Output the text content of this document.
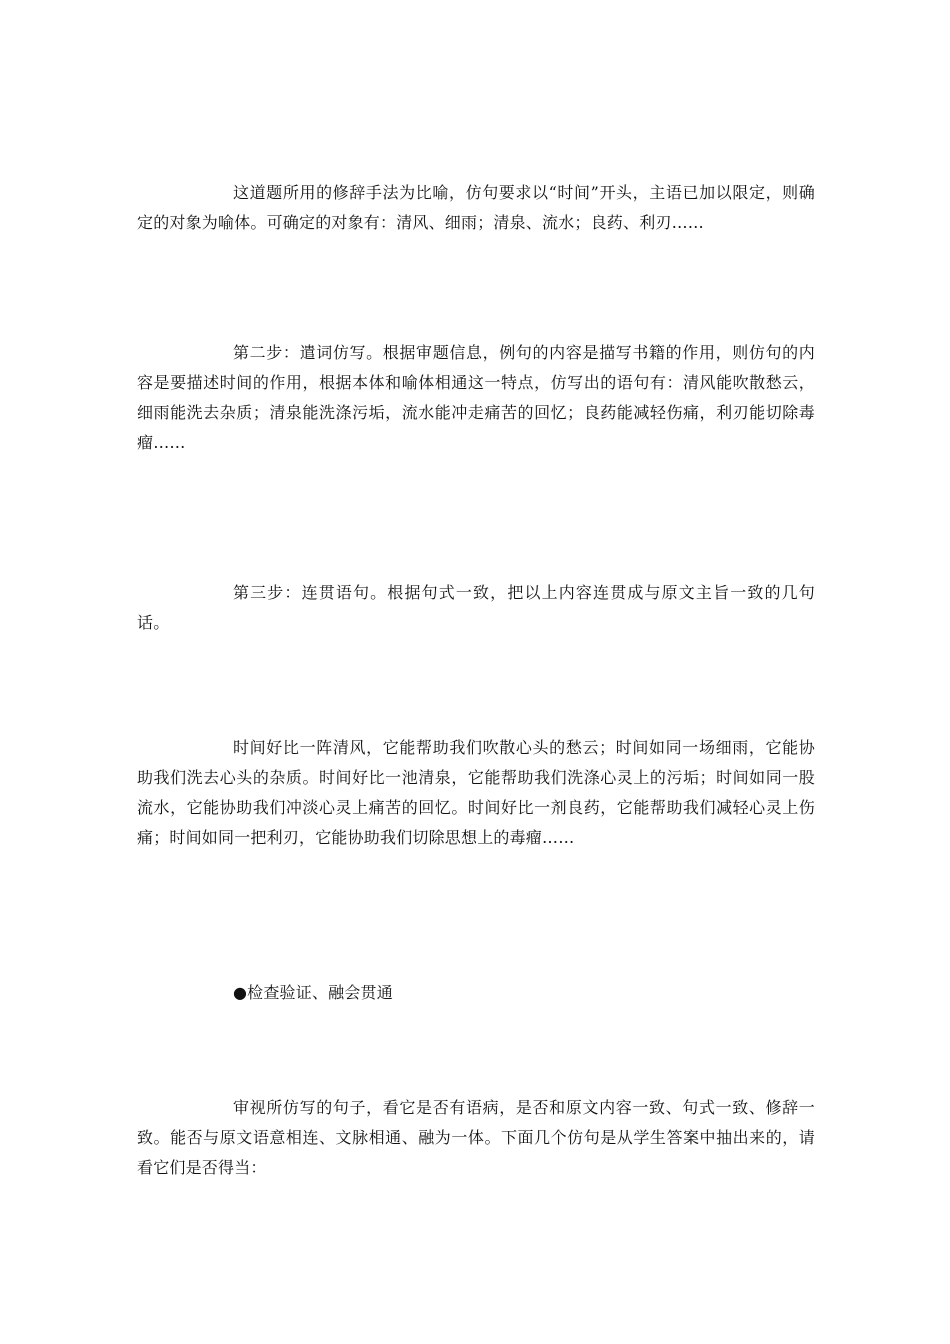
这道题所用的修辞手法为比喻，仿句要求以“时间”开头，主语已加以限定，则确定的对象为喻体。可确定的对象有：清风、细雨；清泉、流水；良药、利刃……

第二步：遣词仿写。根据审题信息，例句的内容是描写书籍的作用，则仿句的内容是要描述时间的作用，根据本体和喻体相通这一特点，仿写出的语句有：清风能吹散愁云，细雨能洗去杂质；清泉能洗涤污垢，流水能冲走痛苦的回忆；良药能减轻伤痛，利刃能切除毒瘤……

第三步：连贯语句。根据句式一致，把以上内容连贯成与原文主旨一致的几句话。

时间好比一阵清风，它能帮助我们吹散心头的愁云；时间如同一场细雨，它能协助我们洗去心头的杂质。时间好比一池清泉，它能帮助我们洗涤心灵上的污垢；时间如同一股流水，它能协助我们冲淡心灵上痛苦的回忆。时间好比一剂良药，它能帮助我们减轻心灵上伤痛；时间如同一把利刃，它能协助我们切除思想上的毒瘤……

●检查验证、融会贯通

审视所仿写的句子，看它是否有语病，是否和原文内容一致、句式一致、修辞一致。能否与原文语意相连、文脉相通、融为一体。下面几个仿句是从学生答案中抽出来的，请看它们是否得当：
